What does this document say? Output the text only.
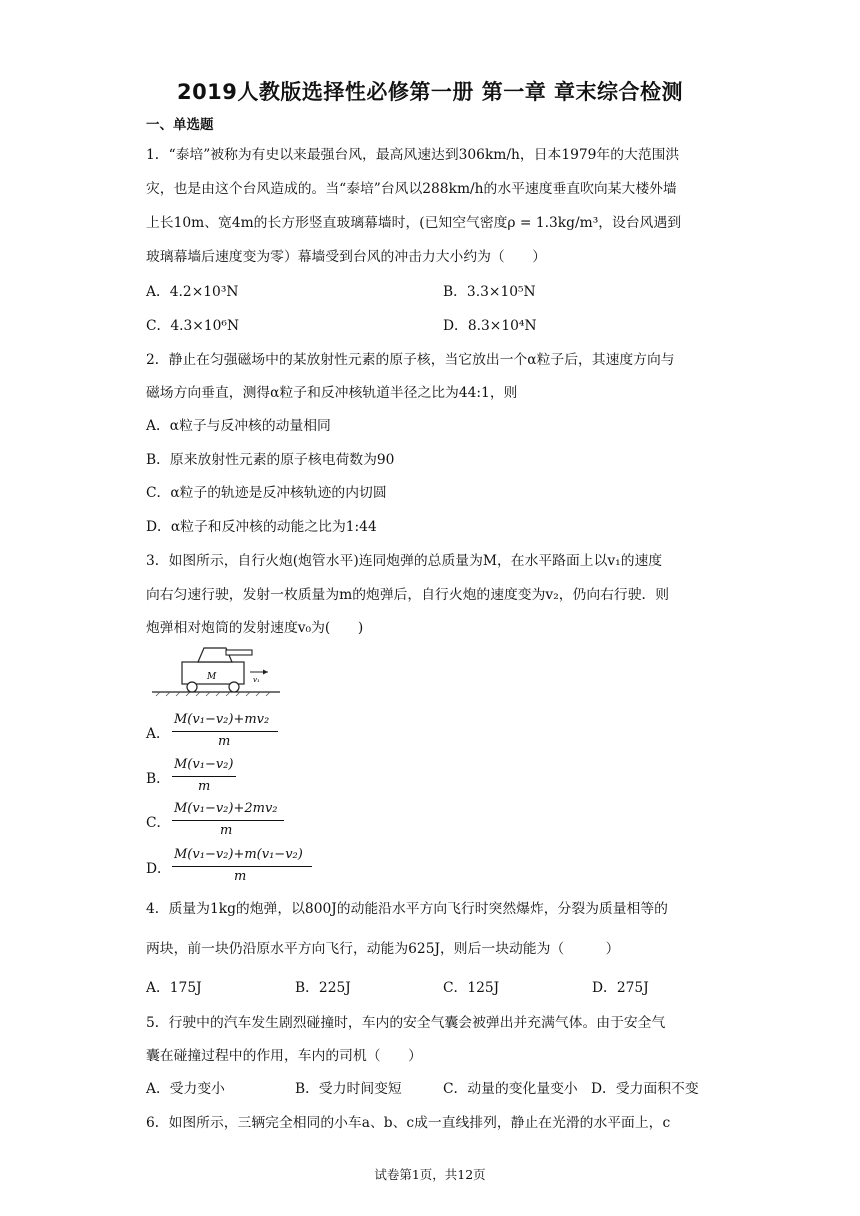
2019人教版选择性必修第一册 第一章 章末综合检测
一、单选题
1．“泰培”被称为有史以来最强台风，最高风速达到306km/h，日本1979年的大范围洪
灾，也是由这个台风造成的。当“泰培”台风以288km/h的水平速度垂直吹向某大楼外墙
上长10m、宽4m的长方形竖直玻璃幕墙时，(已知空气密度ρ = 1.3kg/m³，设台风遇到
玻璃幕墙后速度变为零）幕墙受到台风的冲击力大小约为（　　）
A．4.2×10³N	B．3.3×10⁵N
C．4.3×10⁶N	D．8.3×10⁴N
2．静止在匀强磁场中的某放射性元素的原子核，当它放出一个α粒子后，其速度方向与
磁场方向垂直，测得α粒子和反冲核轨道半径之比为44:1，则
A．α粒子与反冲核的动量相同
B．原来放射性元素的原子核电荷数为90
C．α粒子的轨迹是反冲核轨迹的内切圆
D．α粒子和反冲核的动能之比为1:44
3．如图所示，自行火炮(炮管水平)连同炮弹的总质量为M，在水平路面上以v₁的速度
向右匀速行驶，发射一枚质量为m的炮弹后，自行火炮的速度变为v₂，仍向右行驶．则
炮弹相对炮筒的发射速度v₀为(　　)
M	v₁
A．
M(v₁−v₂)+mv₂
m
B．
M(v₁−v₂)
m
C．
M(v₁−v₂)+2mv₂
m
D．
M(v₁−v₂)+m(v₁−v₂)
m
4．质量为1kg的炮弹，以800J的动能沿水平方向飞行时突然爆炸，分裂为质量相等的
两块，前一块仍沿原水平方向飞行，动能为625J，则后一块动能为（　　　）
A．175J	B．225J	C．125J	D．275J
5．行驶中的汽车发生剧烈碰撞时，车内的安全气囊会被弹出并充满气体。由于安全气
囊在碰撞过程中的作用，车内的司机（　　）
A．受力变小	B．受力时间变短	C．动量的变化量变小 D．受力面积不变
6．如图所示，三辆完全相同的小车a、b、c成一直线排列，静止在光滑的水平面上，c
试卷第1页，共12页
